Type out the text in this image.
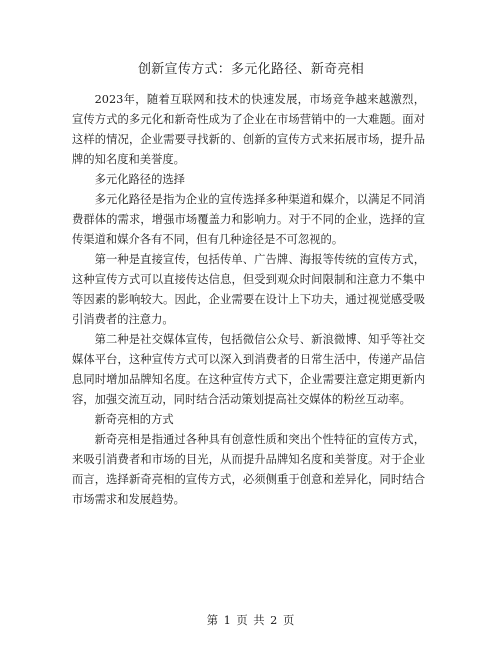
创新宣传方式：多元化路径、新奇亮相

2023年，随着互联网和技术的快速发展，市场竞争越来越激烈，宣传方式的多元化和新奇性成为了企业在市场营销中的一大难题。面对这样的情况，企业需要寻找新的、创新的宣传方式来拓展市场，提升品牌的知名度和美誉度。

多元化路径的选择

多元化路径是指为企业的宣传选择多种渠道和媒介，以满足不同消费群体的需求，增强市场覆盖力和影响力。对于不同的企业，选择的宣传渠道和媒介各有不同，但有几种途径是不可忽视的。

第一种是直接宣传，包括传单、广告牌、海报等传统的宣传方式，这种宣传方式可以直接传达信息，但受到观众时间限制和注意力不集中等因素的影响较大。因此，企业需要在设计上下功夫，通过视觉感受吸引消费者的注意力。

第二种是社交媒体宣传，包括微信公众号、新浪微博、知乎等社交媒体平台，这种宣传方式可以深入到消费者的日常生活中，传递产品信息同时增加品牌知名度。在这种宣传方式下，企业需要注意定期更新内容，加强交流互动，同时结合活动策划提高社交媒体的粉丝互动率。

新奇亮相的方式

新奇亮相是指通过各种具有创意性质和突出个性特征的宣传方式，来吸引消费者和市场的目光，从而提升品牌知名度和美誉度。对于企业而言，选择新奇亮相的宣传方式，必须侧重于创意和差异化，同时结合市场需求和发展趋势。

第 1 页 共 2 页
